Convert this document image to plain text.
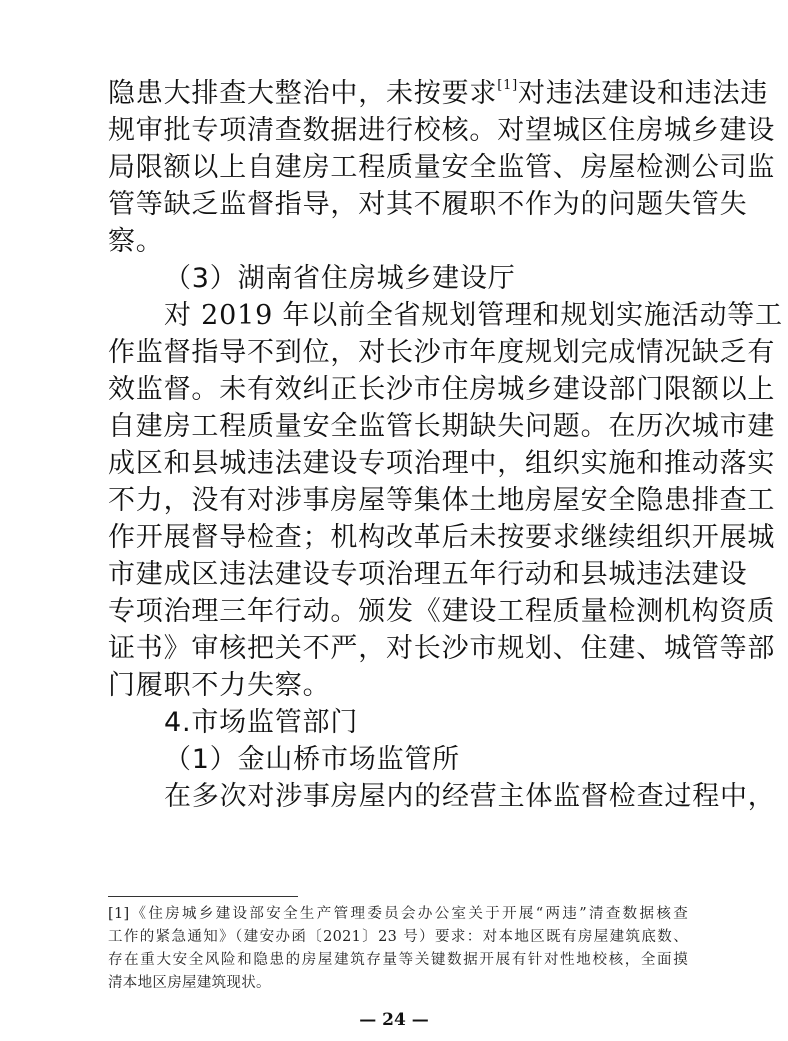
隐患大排查大整治中，未按要求[1]对违法建设和违法违
规审批专项清查数据进行校核。对望城区住房城乡建设
局限额以上自建房工程质量安全监管、房屋检测公司监
管等缺乏监督指导，对其不履职不作为的问题失管失
察。
（3）湖南省住房城乡建设厅
对 2019 年以前全省规划管理和规划实施活动等工
作监督指导不到位，对长沙市年度规划完成情况缺乏有
效监督。未有效纠正长沙市住房城乡建设部门限额以上
自建房工程质量安全监管长期缺失问题。在历次城市建
成区和县城违法建设专项治理中，组织实施和推动落实
不力，没有对涉事房屋等集体土地房屋安全隐患排查工
作开展督导检查；机构改革后未按要求继续组织开展城
市建成区违法建设专项治理五年行动和县城违法建设
专项治理三年行动。颁发《建设工程质量检测机构资质
证书》审核把关不严，对长沙市规划、住建、城管等部
门履职不力失察。
4.市场监管部门
（1）金山桥市场监管所
在多次对涉事房屋内的经营主体监督检查过程中，
[1]《住房城乡建设部安全生产管理委员会办公室关于开展“两违”清查数据核查
工作的紧急通知》（建安办函〔2021〕23 号）要求：对本地区既有房屋建筑底数、
存在重大安全风险和隐患的房屋建筑存量等关键数据开展有针对性地校核，全面摸
清本地区房屋建筑现状。
— 24 —
